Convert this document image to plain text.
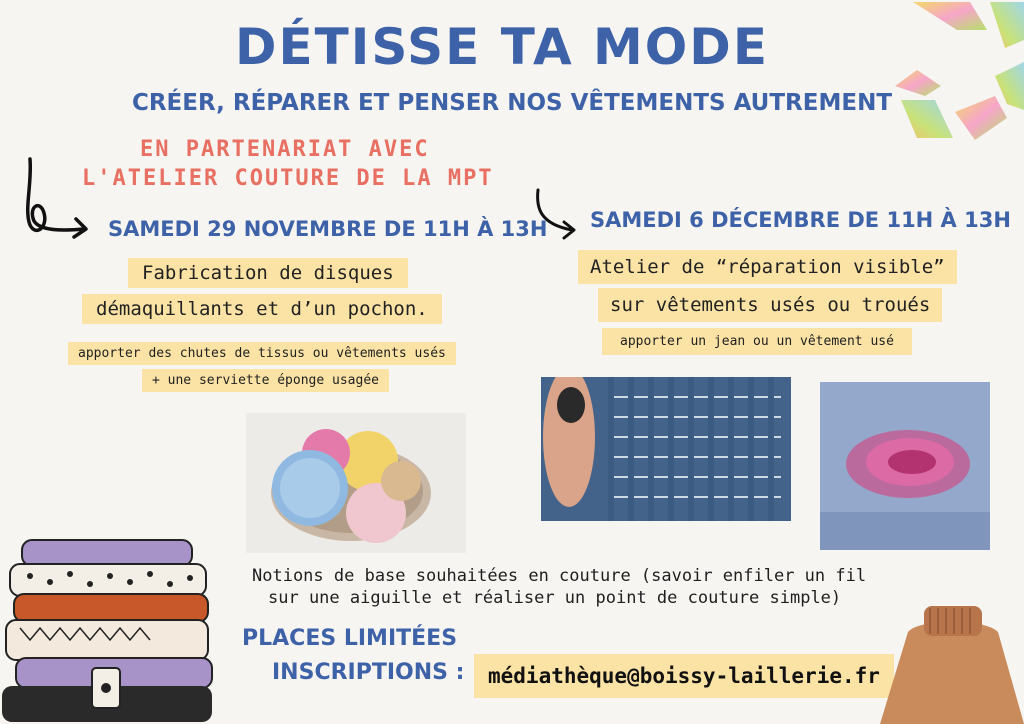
DÉTISSE TA MODE
CRÉER, RÉPARER ET PENSER NOS VÊTEMENTS AUTREMENT
EN PARTENARIAT AVEC
L'ATELIER COUTURE DE LA MPT
SAMEDI 29 NOVEMBRE DE 11H À 13H
Fabrication de disques
démaquillants et d’un pochon.
apporter des chutes de tissus ou vêtements usés
+ une serviette éponge usagée
SAMEDI 6 DÉCEMBRE DE 11H À 13H
Atelier de “réparation visible”
sur vêtements usés ou troués
apporter un jean ou un vêtement usé
Notions de base souhaitées en couture (savoir enfiler un fil
sur une aiguille et réaliser un point de couture simple)
PLACES LIMITÉES
INSCRIPTIONS :	médiathèque@boissy-laillerie.fr
